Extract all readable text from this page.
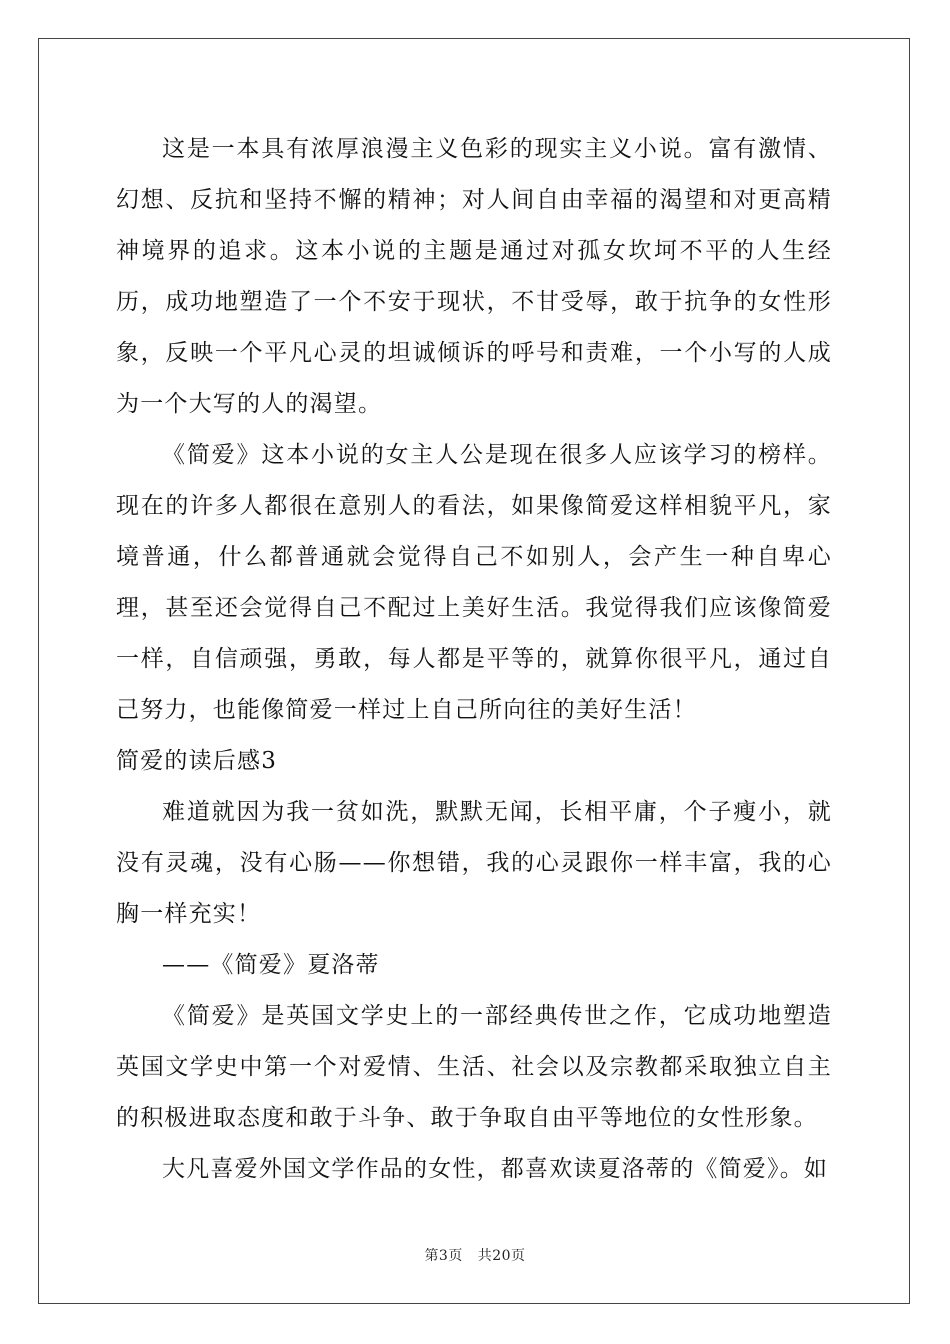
这是一本具有浓厚浪漫主义色彩的现实主义小说。富有激情、幻想、反抗和坚持不懈的精神；对人间自由幸福的渴望和对更高精神境界的追求。这本小说的主题是通过对孤女坎坷不平的人生经历，成功地塑造了一个不安于现状，不甘受辱，敢于抗争的女性形象，反映一个平凡心灵的坦诚倾诉的呼号和责难，一个小写的人成为一个大写的人的渴望。

《简爱》这本小说的女主人公是现在很多人应该学习的榜样。现在的许多人都很在意别人的看法，如果像简爱这样相貌平凡，家境普通，什么都普通就会觉得自己不如别人，会产生一种自卑心理，甚至还会觉得自己不配过上美好生活。我觉得我们应该像简爱一样，自信顽强，勇敢，每人都是平等的，就算你很平凡，通过自己努力，也能像简爱一样过上自己所向往的美好生活！

简爱的读后感3

难道就因为我一贫如洗，默默无闻，长相平庸，个子瘦小，就没有灵魂，没有心肠——你想错，我的心灵跟你一样丰富，我的心胸一样充实！

——《简爱》夏洛蒂

《简爱》是英国文学史上的一部经典传世之作，它成功地塑造英国文学史中第一个对爱情、生活、社会以及宗教都采取独立自主的积极进取态度和敢于斗争、敢于争取自由平等地位的女性形象。

大凡喜爱外国文学作品的女性，都喜欢读夏洛蒂的《简爱》。如

第3页 共20页
